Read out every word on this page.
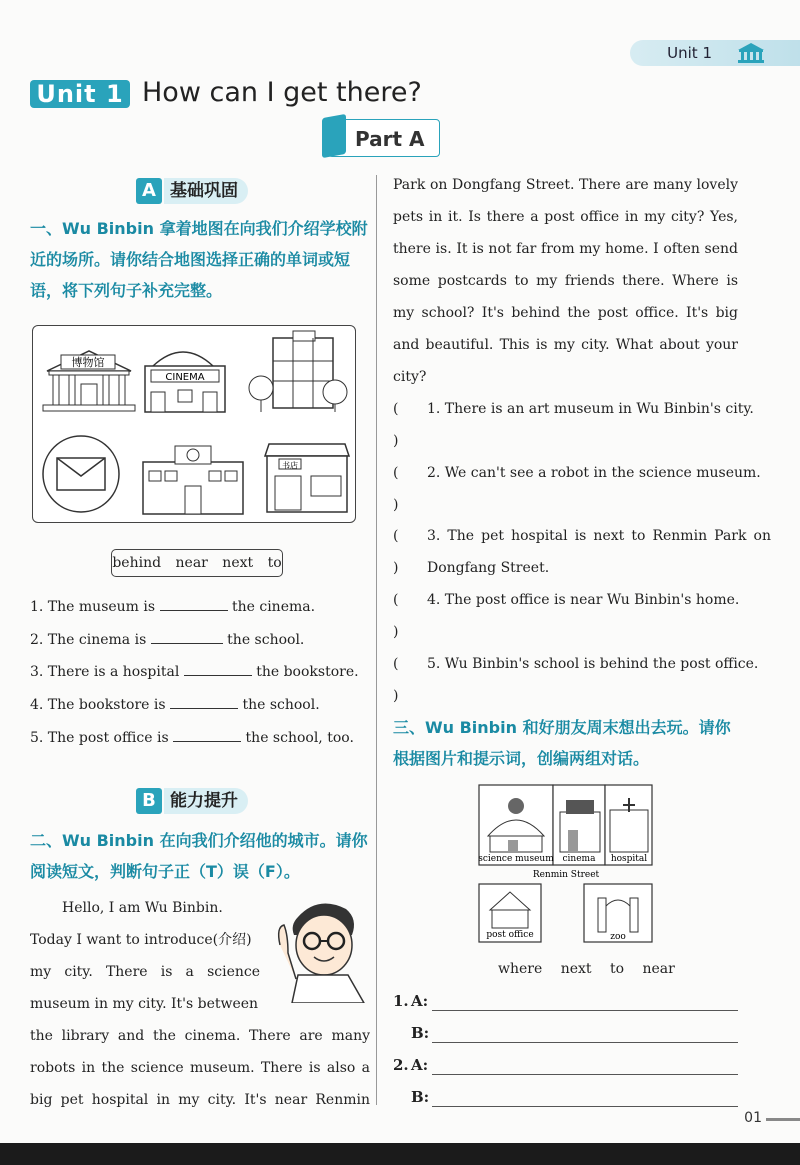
Unit 1
Unit 1 How can I get there?
Part A
A 基础巩固
一、Wu Binbin 拿着地图在向我们介绍学校附近的场所。请你结合地图选择正确的单词或短语，将下列句子补充完整。
博物馆
CINEMA
书店
behind near next to
1. The museum is	the cinema.
2. The cinema is	the school.
3. There is a hospital	the bookstore.
4. The bookstore is	the school.
5. The post office is	the school, too.
B 能力提升
二、Wu Binbin 在向我们介绍他的城市。请你阅读短文，判断句子正（T）误（F）。
Hello, I am Wu Binbin.
Today I want to introduce(介绍)
my city. There is a science
museum in my city. It's between
the library and the cinema. There are many
robots in the science museum. There is also a
big pet hospital in my city. It's near Renmin
Park on Dongfang Street. There are many lovely pets in it. Is there a post office in my city? Yes, there is. It is not far from my home. I often send some postcards to my friends there. Where is my school? It's behind the post office. It's big and beautiful. This is my city. What about your city?
( )
1. There is an art museum in Wu Binbin's city.
( )
2. We can't see a robot in the science museum.
( )
3. The pet hospital is next to Renmin Park on Dongfang Street.
( )
4. The post office is near Wu Binbin's home.
( )
5. Wu Binbin's school is behind the post office.
三、Wu Binbin 和好朋友周末想出去玩。请你根据图片和提示词，创编两组对话。
science museum cinema hospital
Renmin Street
post office	zoo
where next to near
1. A:
B:
2. A:
B:
01
